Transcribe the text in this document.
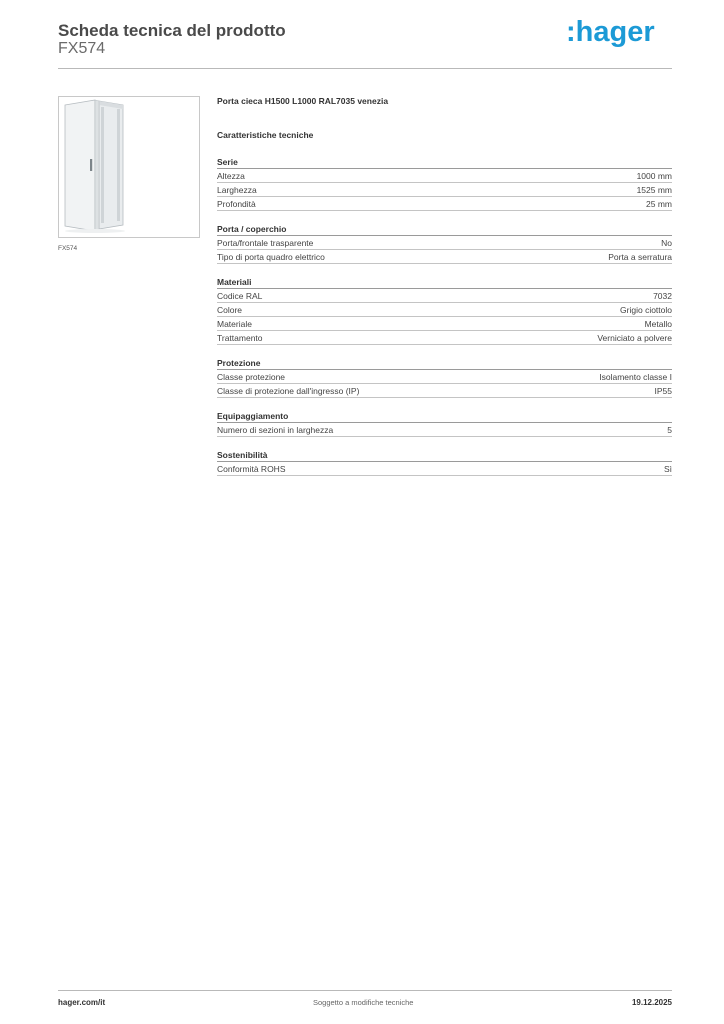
Scheda tecnica del prodotto
FX574
:hager
FX574
Porta cieca H1500 L1000 RAL7035 venezia
Caratteristiche tecniche
Serie
Altezza	1000 mm
Larghezza	1525 mm
Profondità	25 mm
Porta / coperchio
Porta/frontale trasparente	No
Tipo di porta quadro elettrico	Porta a serratura
Materiali
Codice RAL	7032
Colore	Grigio ciottolo
Materiale	Metallo
Trattamento	Verniciato a polvere
Protezione
Classe protezione	Isolamento classe I
Classe di protezione dall'ingresso (IP)	IP55
Equipaggiamento
Numero di sezioni in larghezza	5
Sostenibilità
Conformità ROHS	Sì
hager.com/it	Soggetto a modifiche tecniche	19.12.2025
